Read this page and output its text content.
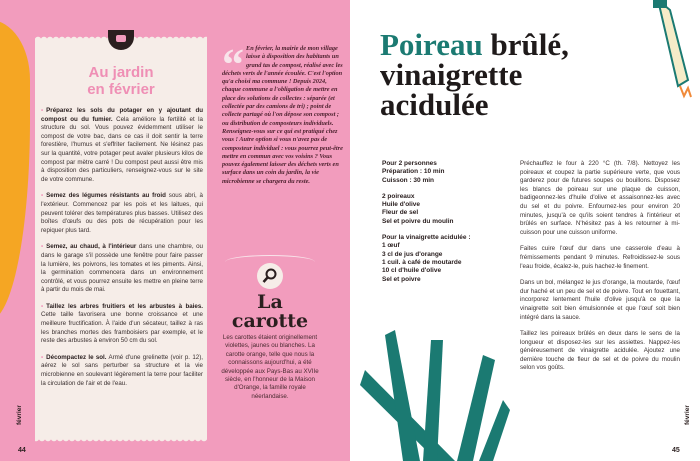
Au jardin
en février

• Préparez les sols du potager en y ajoutant du compost ou du fumier. Cela améliore la fertilité et la structure du sol. Vous pouvez évidemment utiliser le compost de votre bac, dans ce cas il doit sentir la terre forestière, l'humus et s'effriter facilement. Ne lésinez pas sur la quantité, votre potager peut avaler plusieurs kilos de compost par mètre carré ! Du compost peut aussi être mis à disposition des particuliers, renseignez-vous sur le site de votre commune.

• Semez des légumes résistants au froid sous abri, à l'extérieur. Commencez par les pois et les laitues, qui peuvent tolérer des températures plus basses. Utilisez des boîtes d'œufs ou des pots de récupération pour les repiquer plus tard.

• Semez, au chaud, à l'intérieur dans une chambre, ou dans le garage s'il possède une fenêtre pour faire passer la lumière, les poivrons, les tomates et les piments. Ainsi, la germination commencera dans un environnement contrôlé, et vous pourrez ensuite les mettre en pleine terre à partir du mois de mai.

• Taillez les arbres fruitiers et les arbustes à baies. Cette taille favorisera une bonne croissance et une meilleure fructification. À l'aide d'un sécateur, taillez à ras les branches mortes des framboisiers par exemple, et le reste des arbustes à environ 50 cm du sol.

• Décompactez le sol. Armé d'une grelinette (voir p. 12), aérez le sol sans perturber sa structure et la vie microbienne en soulevant légèrement la terre pour faciliter la circulation de l'air et de l'eau.

“ En février, la mairie de mon village laisse à disposition des habitants un grand tas de compost, réalisé avec les déchets verts de l'année écoulée. C'est l'option qu'a choisi ma commune ! Depuis 2024, chaque commune a l'obligation de mettre en place des solutions de collectes : séparée (et collectée par des camions de tri) ; point de collecte partagé où l'on dépose son compost ; ou distribution de composteurs individuels. Renseignez-vous sur ce qui est pratiqué chez vous ! Autre option si vous n'avez pas de composteur individuel : vous pourrez peut-être mettre en commun avec vos voisins ? Vous pouvez également laisser des déchets verts en surface dans un coin du jardin, la vie microbienne se chargera du reste.
La
carotte
Les carottes étaient originellement violettes, jaunes ou blanches. La carotte orange, telle que nous la connaissons aujourd'hui, a été développée aux Pays-Bas au XVIIe siècle, en l'honneur de la Maison d'Orange, la famille royale néerlandaise.
février
44
Poireau brûlé,
vinaigrette
acidulée
Pour 2 personnes
Préparation : 10 min
Cuisson : 30 min
2 poireaux
Huile d'olive
Fleur de sel
Sel et poivre du moulin
Pour la vinaigrette acidulée :
1 œuf
3 cl de jus d'orange
1 cuil. à café de moutarde
10 cl d'huile d'olive
Sel et poivre

Préchauffez le four à 220 °C (th. 7/8). Nettoyez les poireaux et coupez la partie supérieure verte, que vous garderez pour de futures soupes ou bouillons. Disposez les blancs de poireau sur une plaque de cuisson, badigeonnez-les d'huile d'olive et assaisonnez-les avec du sel et du poivre. Enfournez-les pour environ 20 minutes, jusqu'à ce qu'ils soient tendres à l'intérieur et brûlés en surface. N'hésitez pas à les retourner à mi-cuisson pour une cuisson uniforme.

Faites cuire l'œuf dur dans une casserole d'eau à frémissements pendant 9 minutes. Refroidissez-le sous l'eau froide, écalez-le, puis hachez-le finement.

Dans un bol, mélangez le jus d'orange, la moutarde, l'œuf dur haché et un peu de sel et de poivre. Tout en fouettant, incorporez lentement l'huile d'olive jusqu'à ce que la vinaigrette soit bien émulsionnée et que l'œuf soit bien intégré dans la sauce.

Taillez les poireaux brûlés en deux dans le sens de la longueur et disposez-les sur les assiettes. Nappez-les généreusement de vinaigrette acidulée. Ajoutez une dernière touche de fleur de sel et de poivre du moulin selon vos goûts.

février
45
